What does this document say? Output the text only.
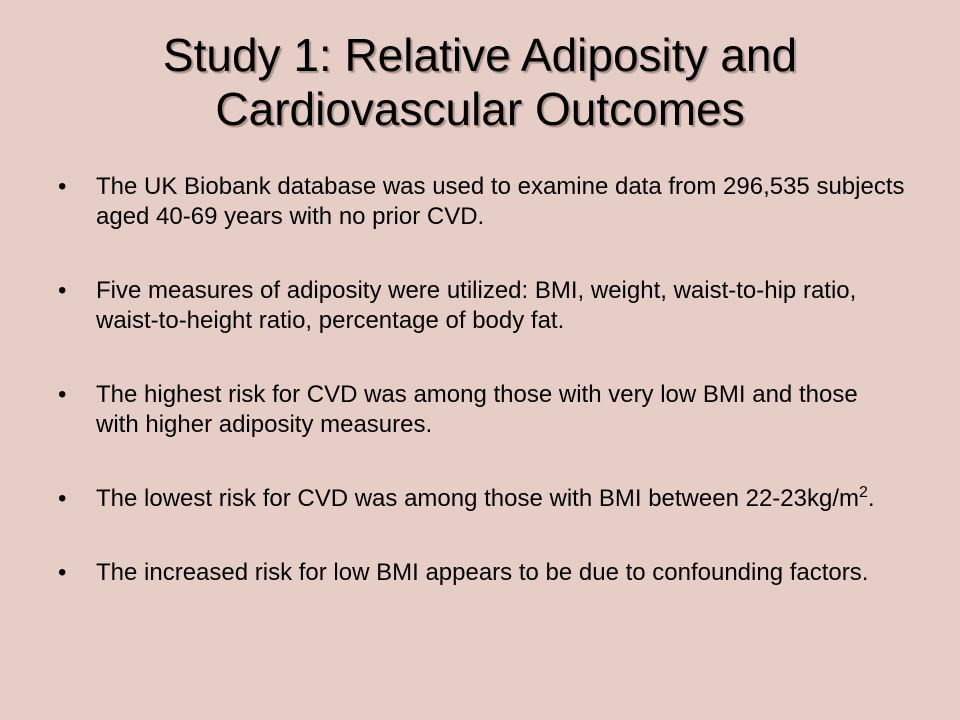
Study 1: Relative Adiposity and
Cardiovascular Outcomes
• The UK Biobank database was used to examine data from 296,535 subjects aged 40-69 years with no prior CVD.
• Five measures of adiposity were utilized: BMI, weight, waist-to-hip ratio, waist-to-height ratio, percentage of body fat.
• The highest risk for CVD was among those with very low BMI and those with higher adiposity measures.
• The lowest risk for CVD was among those with BMI between $22-23kg/m^2$.
• The increased risk for low BMI appears to be due to confounding factors.
